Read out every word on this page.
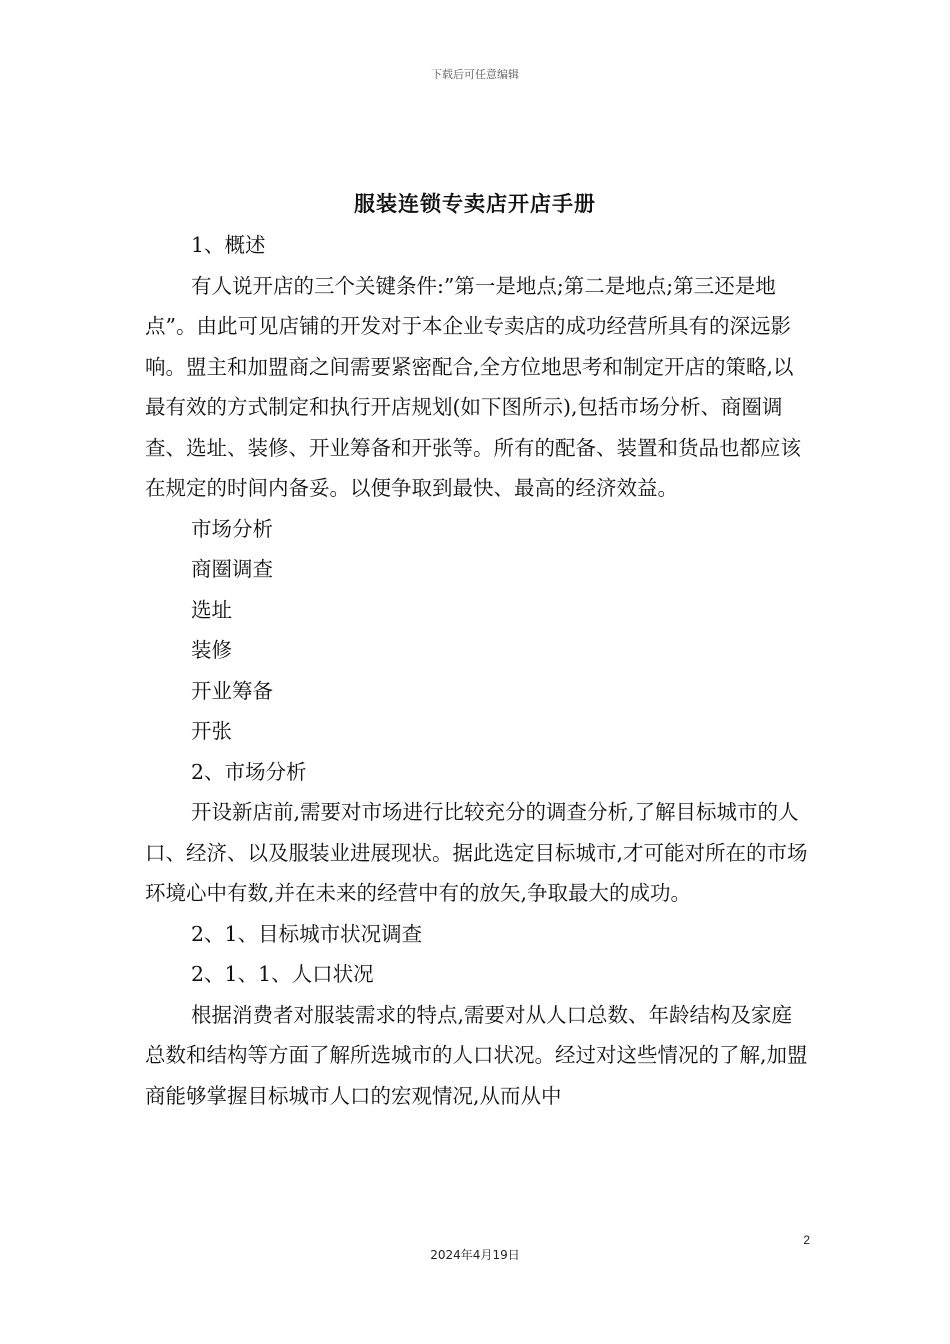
下载后可任意编辑
服装连锁专卖店开店手册

1、概述

有人说开店的三个关键条件:”第一是地点;第二是地点;第三还是地点”。由此可见店铺的开发对于本企业专卖店的成功经营所具有的深远影响。盟主和加盟商之间需要紧密配合,全方位地思考和制定开店的策略,以最有效的方式制定和执行开店规划(如下图所示),包括市场分析、商圈调查、选址、装修、开业筹备和开张等。所有的配备、装置和货品也都应该在规定的时间内备妥。以便争取到最快、最高的经济效益。

市场分析

商圈调查

选址

装修

开业筹备

开张

2、市场分析

开设新店前,需要对市场进行比较充分的调查分析,了解目标城市的人口、经济、以及服装业进展现状。据此选定目标城市,才可能对所在的市场环境心中有数,并在未来的经营中有的放矢,争取最大的成功。

2、1、目标城市状况调查

2、1、1、人口状况

根据消费者对服装需求的特点,需要对从人口总数、年龄结构及家庭总数和结构等方面了解所选城市的人口状况。经过对这些情况的了解,加盟商能够掌握目标城市人口的宏观情况,从而从中

2
2024年4月19日
